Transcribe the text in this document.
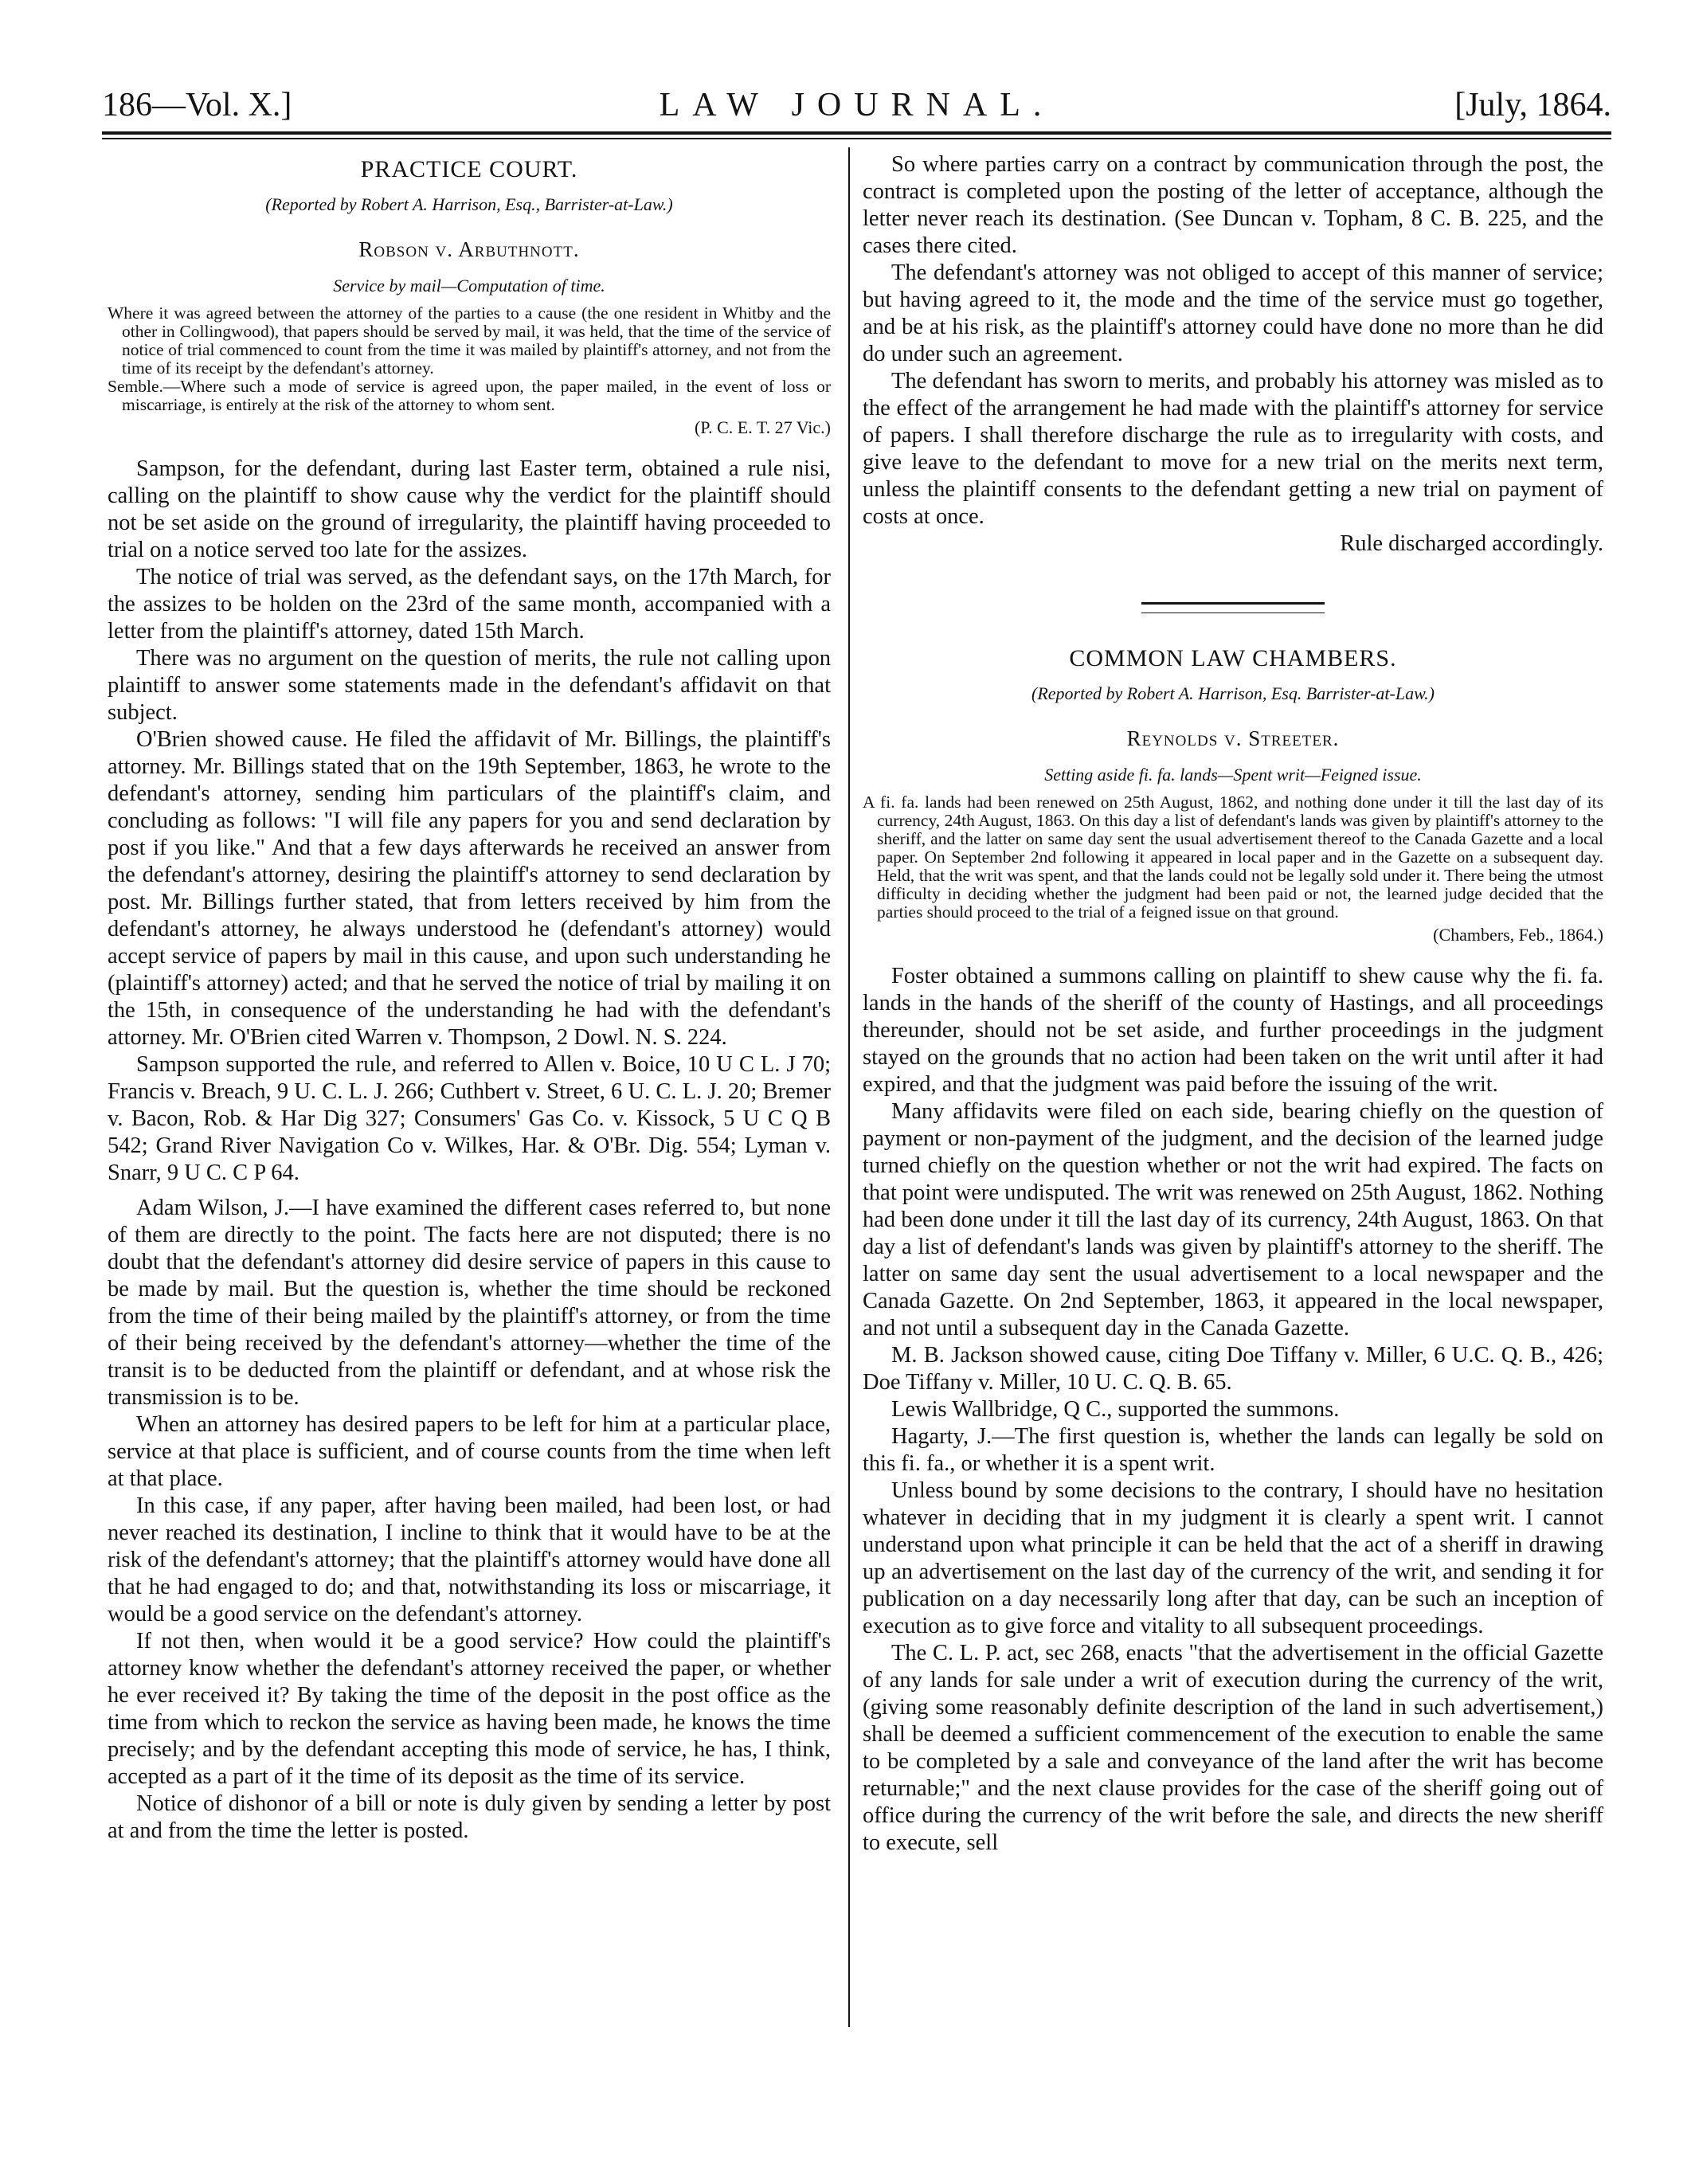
186—Vol. X.]	LAW JOURNAL.	[July, 1864.

PRACTICE COURT.

(Reported by Robert A. Harrison, Esq., Barrister-at-Law.)

Robson v. Arbuthnott.

Service by mail—Computation of time.

Where it was agreed between the attorney of the parties to a cause (the one resident in Whitby and the other in Collingwood), that papers should be served by mail, it was held, that the time of the service of notice of trial commenced to count from the time it was mailed by plaintiff's attorney, and not from the time of its receipt by the defendant's attorney.

Semble.—Where such a mode of service is agreed upon, the paper mailed, in the event of loss or miscarriage, is entirely at the risk of the attorney to whom sent.

(P. C. E. T. 27 Vic.)

Sampson, for the defendant, during last Easter term, obtained a rule nisi, calling on the plaintiff to show cause why the verdict for the plaintiff should not be set aside on the ground of irregularity, the plaintiff having proceeded to trial on a notice served too late for the assizes.

The notice of trial was served, as the defendant says, on the 17th March, for the assizes to be holden on the 23rd of the same month, accompanied with a letter from the plaintiff's attorney, dated 15th March.

There was no argument on the question of merits, the rule not calling upon plaintiff to answer some statements made in the defendant's affidavit on that subject.

O'Brien showed cause. He filed the affidavit of Mr. Billings, the plaintiff's attorney. Mr. Billings stated that on the 19th September, 1863, he wrote to the defendant's attorney, sending him particulars of the plaintiff's claim, and concluding as follows: "I will file any papers for you and send declaration by post if you like." And that a few days afterwards he received an answer from the defendant's attorney, desiring the plaintiff's attorney to send declaration by post. Mr. Billings further stated, that from letters received by him from the defendant's attorney, he always understood he (defendant's attorney) would accept service of papers by mail in this cause, and upon such understanding he (plaintiff's attorney) acted; and that he served the notice of trial by mailing it on the 15th, in consequence of the understanding he had with the defendant's attorney. Mr. O'Brien cited Warren v. Thompson, 2 Dowl. N. S. 224.

Sampson supported the rule, and referred to Allen v. Boice, 10 U C L. J 70; Francis v. Breach, 9 U. C. L. J. 266; Cuthbert v. Street, 6 U. C. L. J. 20; Bremer v. Bacon, Rob. & Har Dig 327; Consumers' Gas Co. v. Kissock, 5 U C Q B 542; Grand River Navigation Co v. Wilkes, Har. & O'Br. Dig. 554; Lyman v. Snarr, 9 U C. C P 64.

Adam Wilson, J.—I have examined the different cases referred to, but none of them are directly to the point. The facts here are not disputed; there is no doubt that the defendant's attorney did desire service of papers in this cause to be made by mail. But the question is, whether the time should be reckoned from the time of their being mailed by the plaintiff's attorney, or from the time of their being received by the defendant's attorney—whether the time of the transit is to be deducted from the plaintiff or defendant, and at whose risk the transmission is to be.

When an attorney has desired papers to be left for him at a particular place, service at that place is sufficient, and of course counts from the time when left at that place.

In this case, if any paper, after having been mailed, had been lost, or had never reached its destination, I incline to think that it would have to be at the risk of the defendant's attorney; that the plaintiff's attorney would have done all that he had engaged to do; and that, notwithstanding its loss or miscarriage, it would be a good service on the defendant's attorney.

If not then, when would it be a good service? How could the plaintiff's attorney know whether the defendant's attorney received the paper, or whether he ever received it? By taking the time of the deposit in the post office as the time from which to reckon the service as having been made, he knows the time precisely; and by the defendant accepting this mode of service, he has, I think, accepted as a part of it the time of its deposit as the time of its service.

Notice of dishonor of a bill or note is duly given by sending a letter by post at and from the time the letter is posted.

So where parties carry on a contract by communication through the post, the contract is completed upon the posting of the letter of acceptance, although the letter never reach its destination. (See Duncan v. Topham, 8 C. B. 225, and the cases there cited.

The defendant's attorney was not obliged to accept of this manner of service; but having agreed to it, the mode and the time of the service must go together, and be at his risk, as the plaintiff's attorney could have done no more than he did do under such an agreement.

The defendant has sworn to merits, and probably his attorney was misled as to the effect of the arrangement he had made with the plaintiff's attorney for service of papers. I shall therefore discharge the rule as to irregularity with costs, and give leave to the defendant to move for a new trial on the merits next term, unless the plaintiff consents to the defendant getting a new trial on payment of costs at once.

Rule discharged accordingly.

COMMON LAW CHAMBERS.

(Reported by Robert A. Harrison, Esq. Barrister-at-Law.)

Reynolds v. Streeter.

Setting aside fi. fa. lands—Spent writ—Feigned issue.

A fi. fa. lands had been renewed on 25th August, 1862, and nothing done under it till the last day of its currency, 24th August, 1863. On this day a list of defendant's lands was given by plaintiff's attorney to the sheriff, and the latter on same day sent the usual advertisement thereof to the Canada Gazette and a local paper. On September 2nd following it appeared in local paper and in the Gazette on a subsequent day. Held, that the writ was spent, and that the lands could not be legally sold under it. There being the utmost difficulty in deciding whether the judgment had been paid or not, the learned judge decided that the parties should proceed to the trial of a feigned issue on that ground.

(Chambers, Feb., 1864.)

Foster obtained a summons calling on plaintiff to shew cause why the fi. fa. lands in the hands of the sheriff of the county of Hastings, and all proceedings thereunder, should not be set aside, and further proceedings in the judgment stayed on the grounds that no action had been taken on the writ until after it had expired, and that the judgment was paid before the issuing of the writ.

Many affidavits were filed on each side, bearing chiefly on the question of payment or non-payment of the judgment, and the decision of the learned judge turned chiefly on the question whether or not the writ had expired. The facts on that point were undisputed. The writ was renewed on 25th August, 1862. Nothing had been done under it till the last day of its currency, 24th August, 1863. On that day a list of defendant's lands was given by plaintiff's attorney to the sheriff. The latter on same day sent the usual advertisement to a local newspaper and the Canada Gazette. On 2nd September, 1863, it appeared in the local newspaper, and not until a subsequent day in the Canada Gazette.

M. B. Jackson showed cause, citing Doe Tiffany v. Miller, 6 U.C. Q. B., 426; Doe Tiffany v. Miller, 10 U. C. Q. B. 65.

Lewis Wallbridge, Q C., supported the summons.

Hagarty, J.—The first question is, whether the lands can legally be sold on this fi. fa., or whether it is a spent writ.

Unless bound by some decisions to the contrary, I should have no hesitation whatever in deciding that in my judgment it is clearly a spent writ. I cannot understand upon what principle it can be held that the act of a sheriff in drawing up an advertisement on the last day of the currency of the writ, and sending it for publication on a day necessarily long after that day, can be such an inception of execution as to give force and vitality to all subsequent proceedings.

The C. L. P. act, sec 268, enacts "that the advertisement in the official Gazette of any lands for sale under a writ of execution during the currency of the writ, (giving some reasonably definite description of the land in such advertisement,) shall be deemed a sufficient commencement of the execution to enable the same to be completed by a sale and conveyance of the land after the writ has become returnable;" and the next clause provides for the case of the sheriff going out of office during the currency of the writ before the sale, and directs the new sheriff to execute, sell
